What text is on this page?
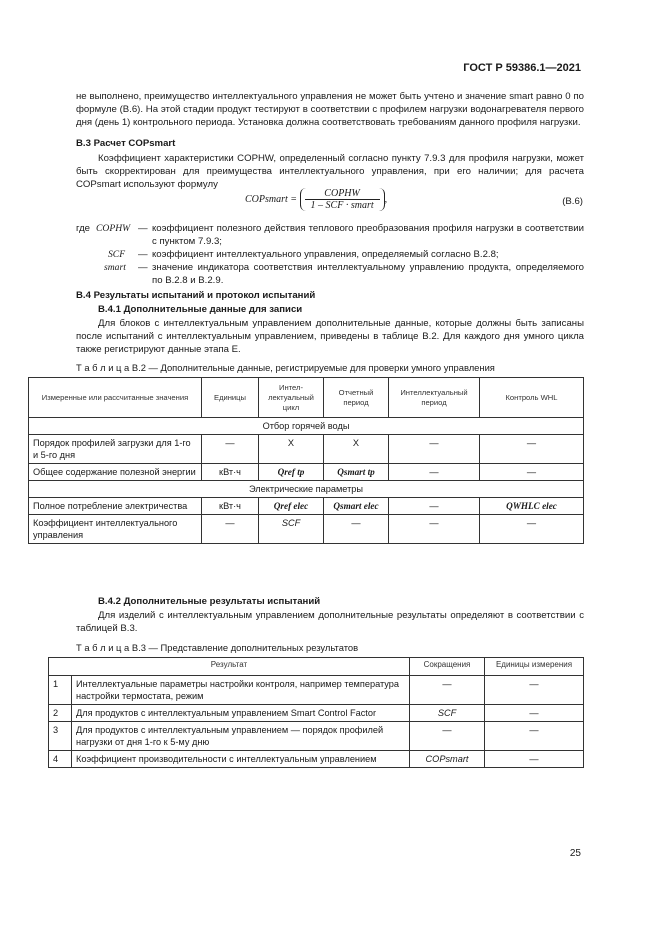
ГОСТ Р 59386.1—2021
не выполнено, преимущество интеллектуального управления не может быть учтено и значение smart равно 0 по формуле (В.6). На этой стадии продукт тестируют в соответствии с профилем нагрузки водонагревателя первого дня (день 1) контрольного периода. Установка должна соответствовать требованиям данного профиля нагрузки.
В.3 Расчет COPsmart
Коэффициент характеристики COPHW, определенный согласно пункту 7.9.3 для профиля нагрузки, может быть скорректирован для преимущества интеллектуального управления, при его наличии; для расчета COPsmart используют формулу
COPsmart =
COPHW
1 – SCF · smart
,	(В.6)
где COPHW — коэффициент полезного действия теплового преобразования профиля нагрузки в соответствии с пунктом 7.9.3;
SCF — коэффициент интеллектуального управления, определяемый согласно В.2.8;
smart — значение индикатора соответствия интеллектуальному управлению продукта, определяемого по В.2.8 и В.2.9.
В.4 Результаты испытаний и протокол испытаний
В.4.1 Дополнительные данные для записи
Для блоков с интеллектуальным управлением дополнительные данные, которые должны быть записаны после испытаний с интеллектуальным управлением, приведены в таблице В.2. Для каждого дня умного цикла также регистрируют данные этапа Е.
Т а б л и ц а В.2 — Дополнительные данные, регистрируемые для проверки умного управления
Измеренные или рассчитанные значения	Единицы	Интел- лектуальный цикл	Отчетный период	Интеллектуальный период	Контроль WHL
Отбор горячей воды					
Порядок профилей загрузки для 1-го и 5-го дня	—	X	X	—	—
Общее содержание полезной энергии	кВт·ч	Qref tp	Qsmart tp	—	—
Электрические параметры					
Полное потребление электричества	кВт·ч	Qref elec	Qsmart elec	—	QWHLC elec
Коэффициент интеллектуального управления	—	SCF	—	—	—
В.4.2 Дополнительные результаты испытаний
Для изделий с интеллектуальным управлением дополнительные результаты определяют в соответствии с таблицей В.3.
Т а б л и ц а В.3 — Представление дополнительных результатов
Результат		Сокращения	Единицы измерения
1	Интеллектуальные параметры настройки контроля, например температура настройки термостата, режим	—	—
2	Для продуктов с интеллектуальным управлением Smart Control Factor	SCF	—
3	Для продуктов с интеллектуальным управлением — порядок профилей нагрузки от дня 1-го к 5-му дню	—	—
4	Коэффициент производительности с интеллектуальным управлением	COPsmart	—
25
